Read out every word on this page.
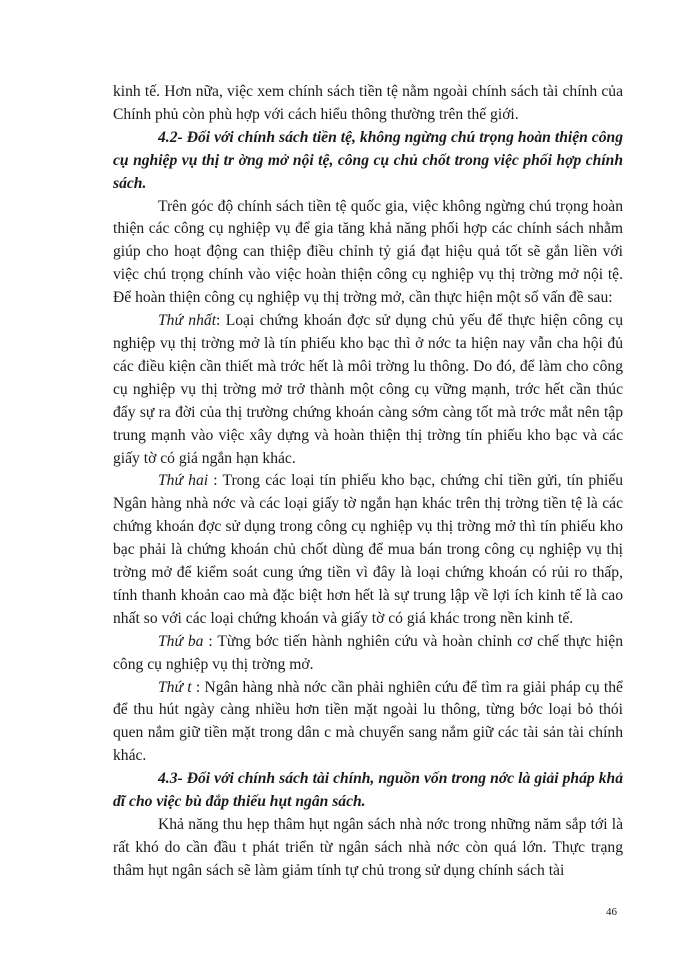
kinh tế. Hơn nữa, việc xem chính sách tiền tệ nằm ngoài chính sách tài chính của Chính phủ còn phù hợp với cách hiểu thông thường trên thế giới.

4.2- Đối với chính sách tiền tệ, không ngừng chú trọng hoàn thiện công cụ nghiệp vụ thị tr ờng mở nội tệ, công cụ chủ chốt trong việc phối hợp chính sách.

Trên góc độ chính sách tiền tệ quốc gia, việc không ngừng chú trọng hoàn thiện các công cụ nghiệp vụ để gia tăng khả năng phối hợp các chính sách nhằm giúp cho hoạt động can thiệp điều chỉnh tỷ giá đạt hiệu quả tốt sẽ gắn liền với việc chú trọng chính vào việc hoàn thiện công cụ nghiệp vụ thị trờng mở nội tệ. Để hoàn thiện công cụ nghiệp vụ thị trờng mở, cần thực hiện một số vấn đề sau:

Thứ nhất: Loại chứng khoán đợc sử dụng chủ yếu để thực hiện công cụ nghiệp vụ thị trờng mở là tín phiếu kho bạc thì ở nớc ta hiện nay vẫn cha hội đủ các điều kiện cần thiết mà trớc hết là môi trờng lu thông. Do đó, để làm cho công cụ nghiệp vụ thị trờng mở trở thành một công cụ vững mạnh, trớc hết cần thúc đẩy sự ra đời của thị trường chứng khoán càng sớm càng tốt mà trớc mắt nên tập trung mạnh vào việc xây dựng và hoàn thiện thị trờng tín phiếu kho bạc và các giấy tờ có giá ngắn hạn khác.

Thứ hai : Trong các loại tín phiếu kho bạc, chứng chỉ tiền gửi, tín phiếu Ngân hàng nhà nớc và các loại giấy tờ ngắn hạn khác trên thị trờng tiền tệ là các chứng khoán đợc sử dụng trong công cụ nghiệp vụ thị trờng mở thì tín phiếu kho bạc phải là chứng khoán chủ chốt dùng để mua bán trong công cụ nghiệp vụ thị trờng mở để kiểm soát cung ứng tiền vì đây là loại chứng khoán có rủi ro thấp, tính thanh khoản cao mà đặc biệt hơn hết là sự trung lập về lợi ích kinh tế là cao nhất so với các loại chứng khoán và giấy tờ có giá khác trong nền kinh tế.

Thứ ba : Từng bớc tiến hành nghiên cứu và hoàn chỉnh cơ chế thực hiện công cụ nghiệp vụ thị trờng mở.

Thứ t : Ngân hàng nhà nớc cần phải nghiên cứu để tìm ra giải pháp cụ thể để thu hút ngày càng nhiều hơn tiền mặt ngoài lu thông, từng bớc loại bỏ thói quen nắm giữ tiền mặt trong dân c mà chuyển sang nắm giữ các tài sản tài chính khác.

4.3- Đối với chính sách tài chính, nguồn vốn trong nớc là giải pháp khả dĩ cho việc bù đắp thiếu hụt ngân sách.

Khả năng thu hẹp thâm hụt ngân sách nhà nớc trong những năm sắp tới là rất khó do cần đầu t phát triển từ ngân sách nhà nớc còn quá lớn. Thực trạng thâm hụt ngân sách sẽ làm giảm tính tự chủ trong sử dụng chính sách tài

46
